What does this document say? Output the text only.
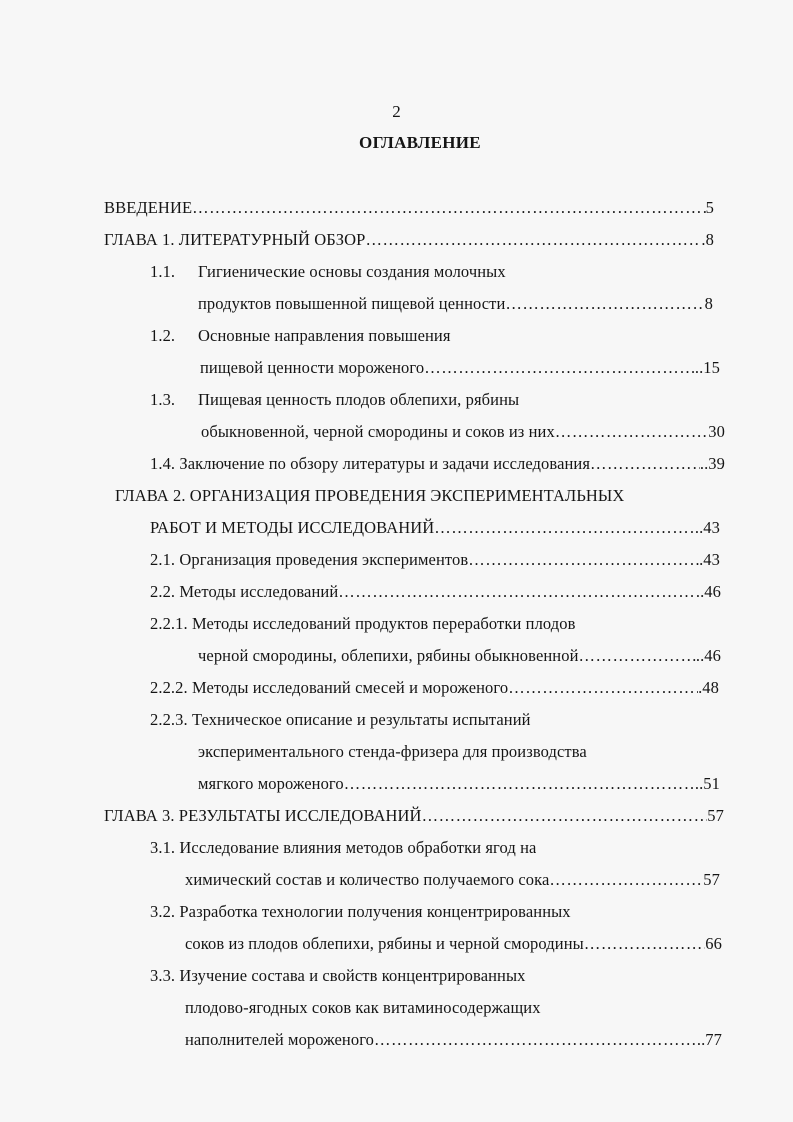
2
ОГЛАВЛЕНИЕ
ВВЕДЕНИЕ ………………………………………………………………………………………………………………………………………………………………………………………………	5
ГЛАВА 1. ЛИТЕРАТУРНЫЙ ОБЗОР ………………………………………………………………………………………………………………………………………………………………………………………………	.8
1.1. Гигиенические основы создания молочных
продуктов повышенной пищевой ценности ………………………………………………………………………………………………………………………………………………………………………………………………	8
1.2. Основные направления повышения
пищевой ценности мороженого ………………………………………………………………………………………………………………………………………………………………………………………………	..15
1.3. Пищевая ценность плодов облепихи, рябины
обыкновенной, черной смородины и соков из них ………………………………………………………………………………………………………………………………………………………………………………………………	30
1.4. Заключение по обзору литературы и задачи исследования ………………………………………………………………………………………………………………………………………………………………………………………………	..39
ГЛАВА 2. ОРГАНИЗАЦИЯ ПРОВЕДЕНИЯ ЭКСПЕРИМЕНТАЛЬНЫХ
РАБОТ И МЕТОДЫ ИССЛЕДОВАНИЙ ………………………………………………………………………………………………………………………………………………………………………………………………	..43
2.1. Организация проведения экспериментов ………………………………………………………………………………………………………………………………………………………………………………………………	.43
2.2. Методы исследований ………………………………………………………………………………………………………………………………………………………………………………………………	..46
2.2.1. Методы исследований продуктов переработки плодов
черной смородины, облепихи, рябины обыкновенной ………………………………………………………………………………………………………………………………………………………………………………………………	..46
2.2.2. Методы исследований смесей и мороженого ………………………………………………………………………………………………………………………………………………………………………………………………	.48
2.2.3. Техническое описание и результаты испытаний
экспериментального стенда-фризера для производства
мягкого мороженого ………………………………………………………………………………………………………………………………………………………………………………………………	..51
ГЛАВА 3. РЕЗУЛЬТАТЫ ИССЛЕДОВАНИЙ ………………………………………………………………………………………………………………………………………………………………………………………………	57
3.1. Исследование влияния методов обработки ягод на
химический состав и количество получаемого сока ………………………………………………………………………………………………………………………………………………………………………………………………	57
3.2. Разработка технологии получения концентрированных
соков из плодов облепихи, рябины и черной смородины ………………………………………………………………………………………………………………………………………………………………………………………………	66
3.3. Изучение состава и свойств концентрированных
плодово-ягодных соков как витаминосодержащих
наполнителей мороженого ………………………………………………………………………………………………………………………………………………………………………………………………	..77
